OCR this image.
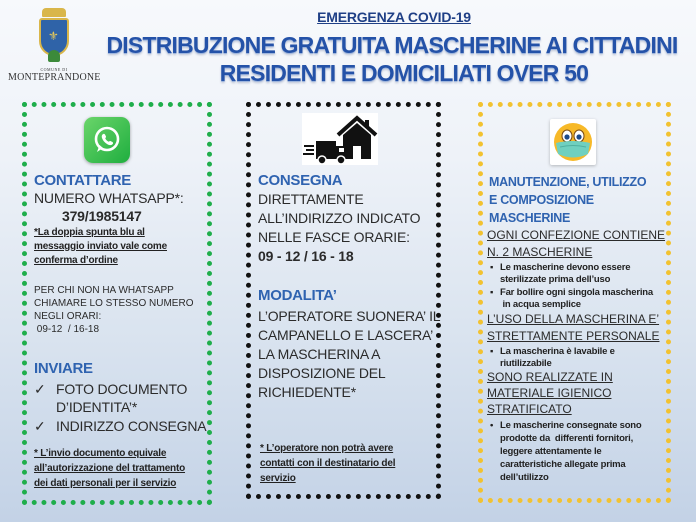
⚜
COMUNE DI
MONTEPRANDONE
EMERGENZA COVID-19
DISTRIBUZIONE GRATUITA MASCHERINE AI CITTADINI
RESIDENTI E DOMICILIATI OVER 50
CONTATTARE
NUMERO WHATSAPP*:
379/1985147
*La doppia spunta blu al
messaggio inviato vale come
conferma d’ordine
PER CHI NON HA WHATSAPP
CHIAMARE LO STESSO NUMERO
NEGLI ORARI:
09-12  / 16-18
INVIARE
✓ FOTO DOCUMENTO
D’IDENTITA’*
✓ INDIRIZZO CONSEGNA
* L’invio documento equivale
all’autorizzazione del trattamento
dei dati personali per il servizio
CONSEGNA
DIRETTAMENTE
ALL’INDIRIZZO INDICATO
NELLE FASCE ORARIE:
09 - 12 / 16 - 18
MODALITA’
L’OPERATORE SUONERA’ IL
CAMPANELLO E LASCERA’
LA MASCHERINA A
DISPOSIZIONE DEL
RICHIEDENTE*
* L’operatore non potrà avere
contatti con il destinatario del
servizio
MANUTENZIONE, UTILIZZO
E COMPOSIZIONE
MASCHERINE
OGNI CONFEZIONE CONTIENE
N. 2 MASCHERINE
▪ Le mascherine devono essere
sterilizzate prima dell’uso
▪ Far bollire ogni singola mascherina
in acqua semplice
L’USO DELLA MASCHERINA E’
STRETTAMENTE PERSONALE
▪ La mascherina è lavabile e
riutilizzabile
SONO REALIZZATE IN
MATERIALE IGIENICO
STRATIFICATO
• Le mascherine consegnate sono
prodotte da  differenti fornitori,
leggere attentamente le
caratteristiche allegate prima
dell’utilizzo
